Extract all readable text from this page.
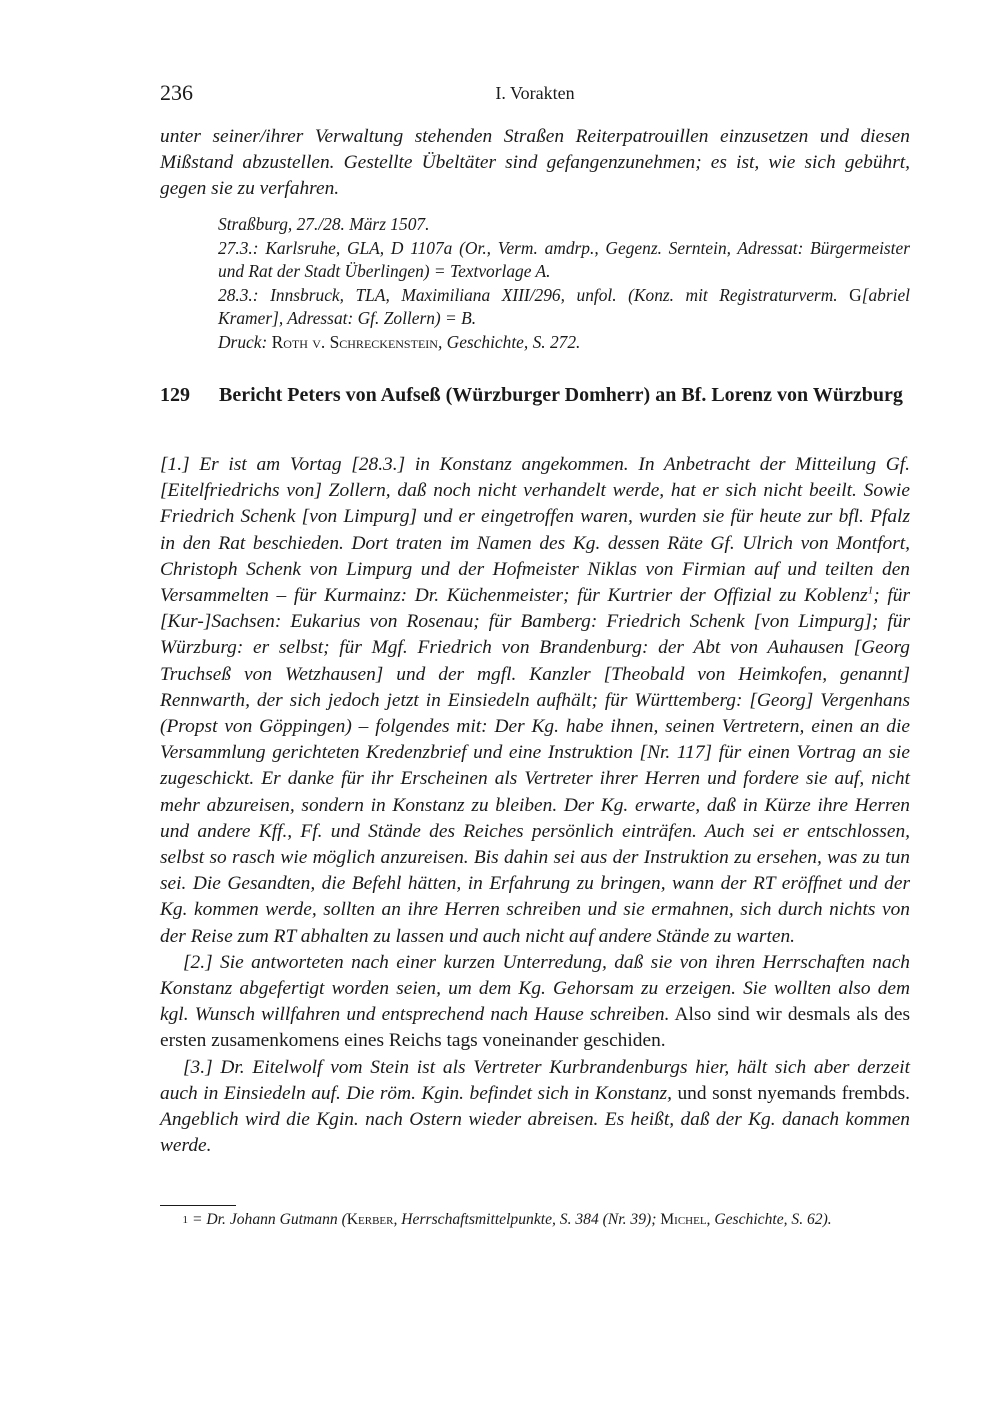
236	I. Vorakten

unter seiner/ihrer Verwaltung stehenden Straßen Reiterpatrouillen einzusetzen und diesen Mißstand abzustellen. Gestellte Übeltäter sind gefangenzunehmen; es ist, wie sich gebührt, gegen sie zu verfahren.

Straßburg, 27./28. März 1507.

27.3.: Karlsruhe, GLA, D 1107a (Or., Verm. amdrp., Gegenz. Serntein, Adressat: Bürgermeister und Rat der Stadt Überlingen) = Textvorlage A.

28.3.: Innsbruck, TLA, Maximiliana XIII/296, unfol. (Konz. mit Registraturverm. G[abriel Kramer], Adressat: Gf. Zollern) = B.

Druck: Roth v. Schreckenstein, Geschichte, S. 272.

129 Bericht Peters von Aufseß (Würzburger Domherr) an Bf. Lorenz von Würzburg

[1.] Er ist am Vortag [28.3.] in Konstanz angekommen. In Anbetracht der Mitteilung Gf. [Eitelfriedrichs von] Zollern, daß noch nicht verhandelt werde, hat er sich nicht beeilt. Sowie Friedrich Schenk [von Limpurg] und er eingetroffen waren, wurden sie für heute zur bfl. Pfalz in den Rat beschieden. Dort traten im Namen des Kg. dessen Räte Gf. Ulrich von Montfort, Christoph Schenk von Limpurg und der Hofmeister Niklas von Firmian auf und teilten den Versammelten – für Kurmainz: Dr. Küchenmeister; für Kurtrier der Offizial zu Koblenz$^1$; für [Kur-]Sachsen: Eukarius von Rosenau; für Bamberg: Friedrich Schenk [von Limpurg]; für Würzburg: er selbst; für Mgf. Friedrich von Brandenburg: der Abt von Auhausen [Georg Truchseß von Wetzhausen] und der mgfl. Kanzler [Theobald von Heimkofen, genannt] Rennwarth, der sich jedoch jetzt in Einsiedeln aufhält; für Württemberg: [Georg] Vergenhans (Propst von Göppingen) – folgendes mit: Der Kg. habe ihnen, seinen Vertretern, einen an die Versammlung gerichteten Kredenzbrief und eine Instruktion [Nr. 117] für einen Vortrag an sie zugeschickt. Er danke für ihr Erscheinen als Vertreter ihrer Herren und fordere sie auf, nicht mehr abzureisen, sondern in Konstanz zu bleiben. Der Kg. erwarte, daß in Kürze ihre Herren und andere Kff., Ff. und Stände des Reiches persönlich einträfen. Auch sei er entschlossen, selbst so rasch wie möglich anzureisen. Bis dahin sei aus der Instruktion zu ersehen, was zu tun sei. Die Gesandten, die Befehl hätten, in Erfahrung zu bringen, wann der RT eröffnet und der Kg. kommen werde, sollten an ihre Herren schreiben und sie ermahnen, sich durch nichts von der Reise zum RT abhalten zu lassen und auch nicht auf andere Stände zu warten.

[2.] Sie antworteten nach einer kurzen Unterredung, daß sie von ihren Herrschaften nach Konstanz abgefertigt worden seien, um dem Kg. Gehorsam zu erzeigen. Sie wollten also dem kgl. Wunsch willfahren und entsprechend nach Hause schreiben. Also sind wir desmals als des ersten zusamenkomens eines Reichs tags voneinander geschiden.

[3.] Dr. Eitelwolf vom Stein ist als Vertreter Kurbrandenburgs hier, hält sich aber derzeit auch in Einsiedeln auf. Die röm. Kgin. befindet sich in Konstanz, und sonst nyemands frembds. Angeblich wird die Kgin. nach Ostern wieder abreisen. Es heißt, daß der Kg. danach kommen werde.

1 = Dr. Johann Gutmann (Kerber, Herrschaftsmittelpunkte, S. 384 (Nr. 39); Michel, Geschichte, S. 62).
